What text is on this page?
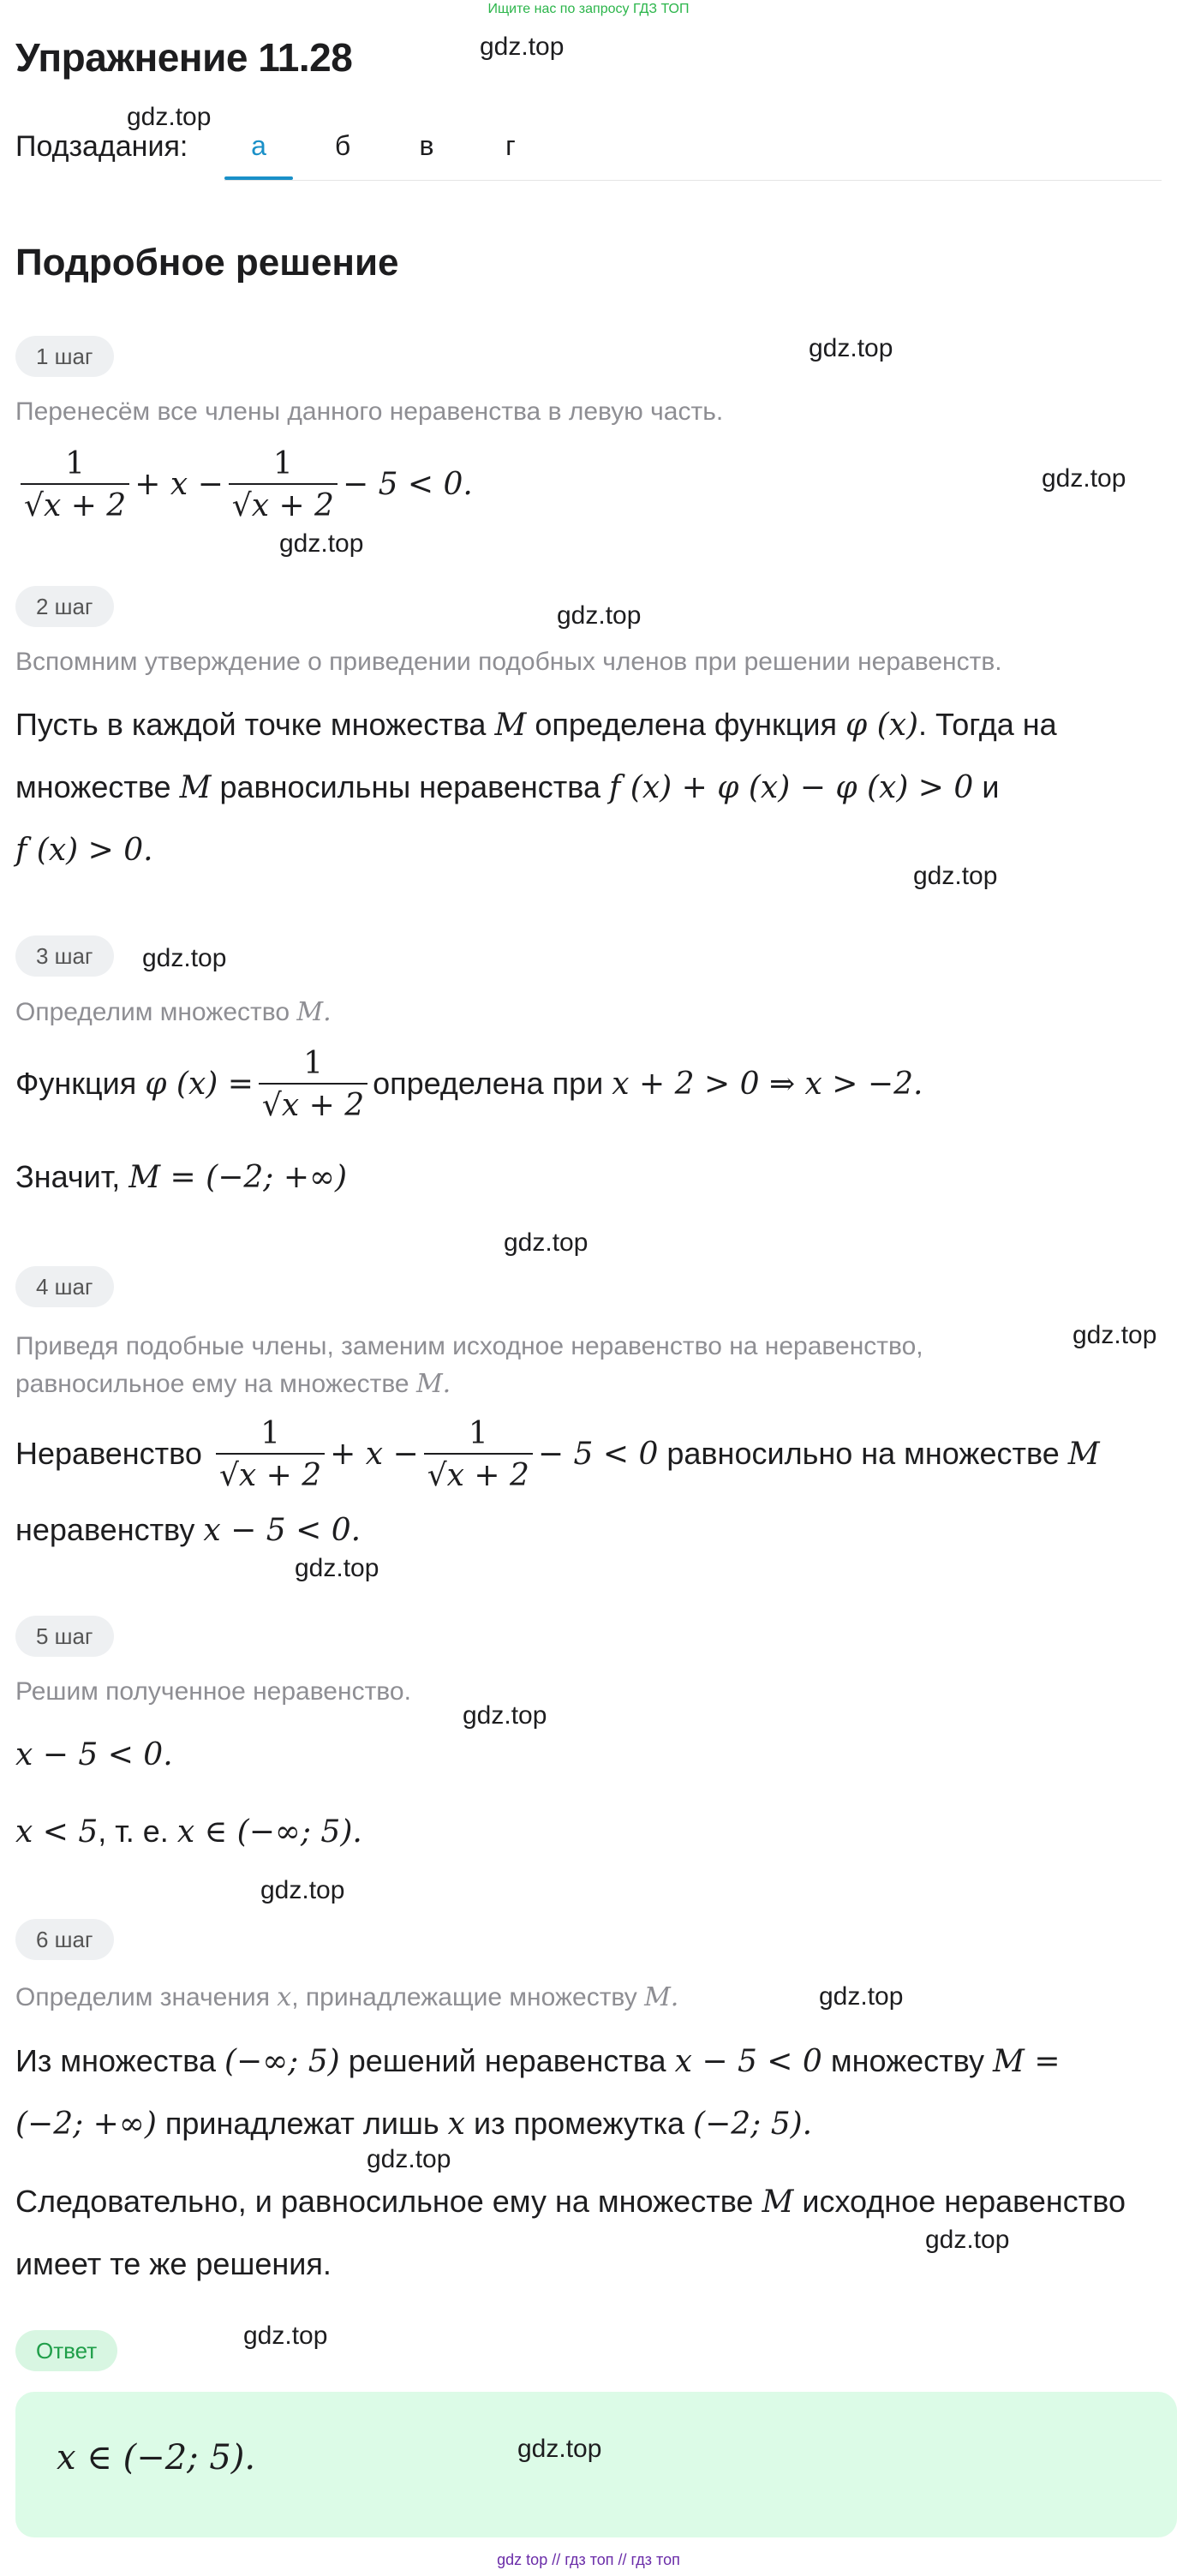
Ищите нас по запросу ГДЗ ТОП
Упражнение 11.28	gdz.top
gdz.top
Подзадания:	а	б	в	г
Подробное решение
1 шаг	gdz.top
Перенесём все члены данного неравенства в левую часть.
$\frac{1}{√x + 2} + x - \frac{1}{√x + 2} - 5 < 0$.	gdz.top
gdz.top
2 шаг	gdz.top
Вспомним утверждение о приведении подобных членов при решении неравенств.
Пусть в каждой точке множества M определена функция φ (x). Тогда на
множестве M равносильны неравенства f (x) + φ (x) − φ (x) > 0 и
f (x) > 0.
gdz.top
3 шаг	gdz.top
Определим множество M.
Функция φ $(x) = \frac{1}{√x + 2}$ определена при x + 2 > 0 ⇒ x > −2.
Значит, M = (−2; +∞)
gdz.top
4 шаг
Приведя подобные члены, заменим исходное неравенство на неравенство,
равносильное ему на множестве M.
gdz.top
Неравенство $\frac{1}{√x + 2} + x - \frac{1}{√x + 2} - 5 < 0$ равносильно на множестве M
неравенству x − 5 < 0.
gdz.top
5 шаг
Решим полученное неравенство.
gdz.top
x − 5 < 0.
x < 5, т. е. x ∈ (−∞; 5).
gdz.top
6 шаг
Определим значения x, принадлежащие множеству M.	gdz.top
Из множества (−∞; 5) решений неравенства x − 5 < 0 множеству M =
(−2; +∞) принадлежат лишь x из промежутка (−2; 5).
gdz.top
Следовательно, и равносильное ему на множестве M исходное неравенство
имеет те же решения.
gdz.top
gdz.top
Ответ
x ∈ (−2; 5).	gdz.top
gdz top // гдз топ // гдз топ
